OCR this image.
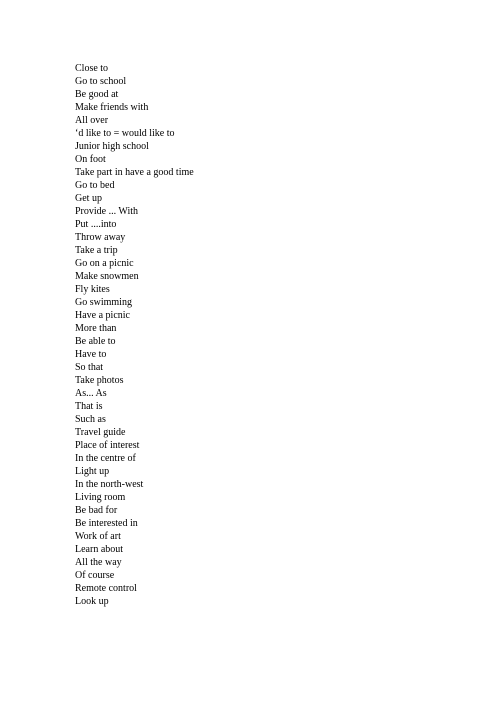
Close to
Go to school
Be good at
Make friends with
All over
‘d like to = would like to
Junior high school
On foot
Take part in have a good time
Go to bed
Get up
Provide ... With
Put ....into
Throw away
Take a trip
Go on a picnic
Make snowmen
Fly kites
Go swimming
Have a picnic
More than
Be able to
Have to
So that
Take photos
As... As
That is
Such as
Travel guide
Place of interest
In the centre of
Light up
In the north-west
Living room
Be bad for
Be interested in
Work of art
Learn about
All the way
Of course
Remote control
Look up
